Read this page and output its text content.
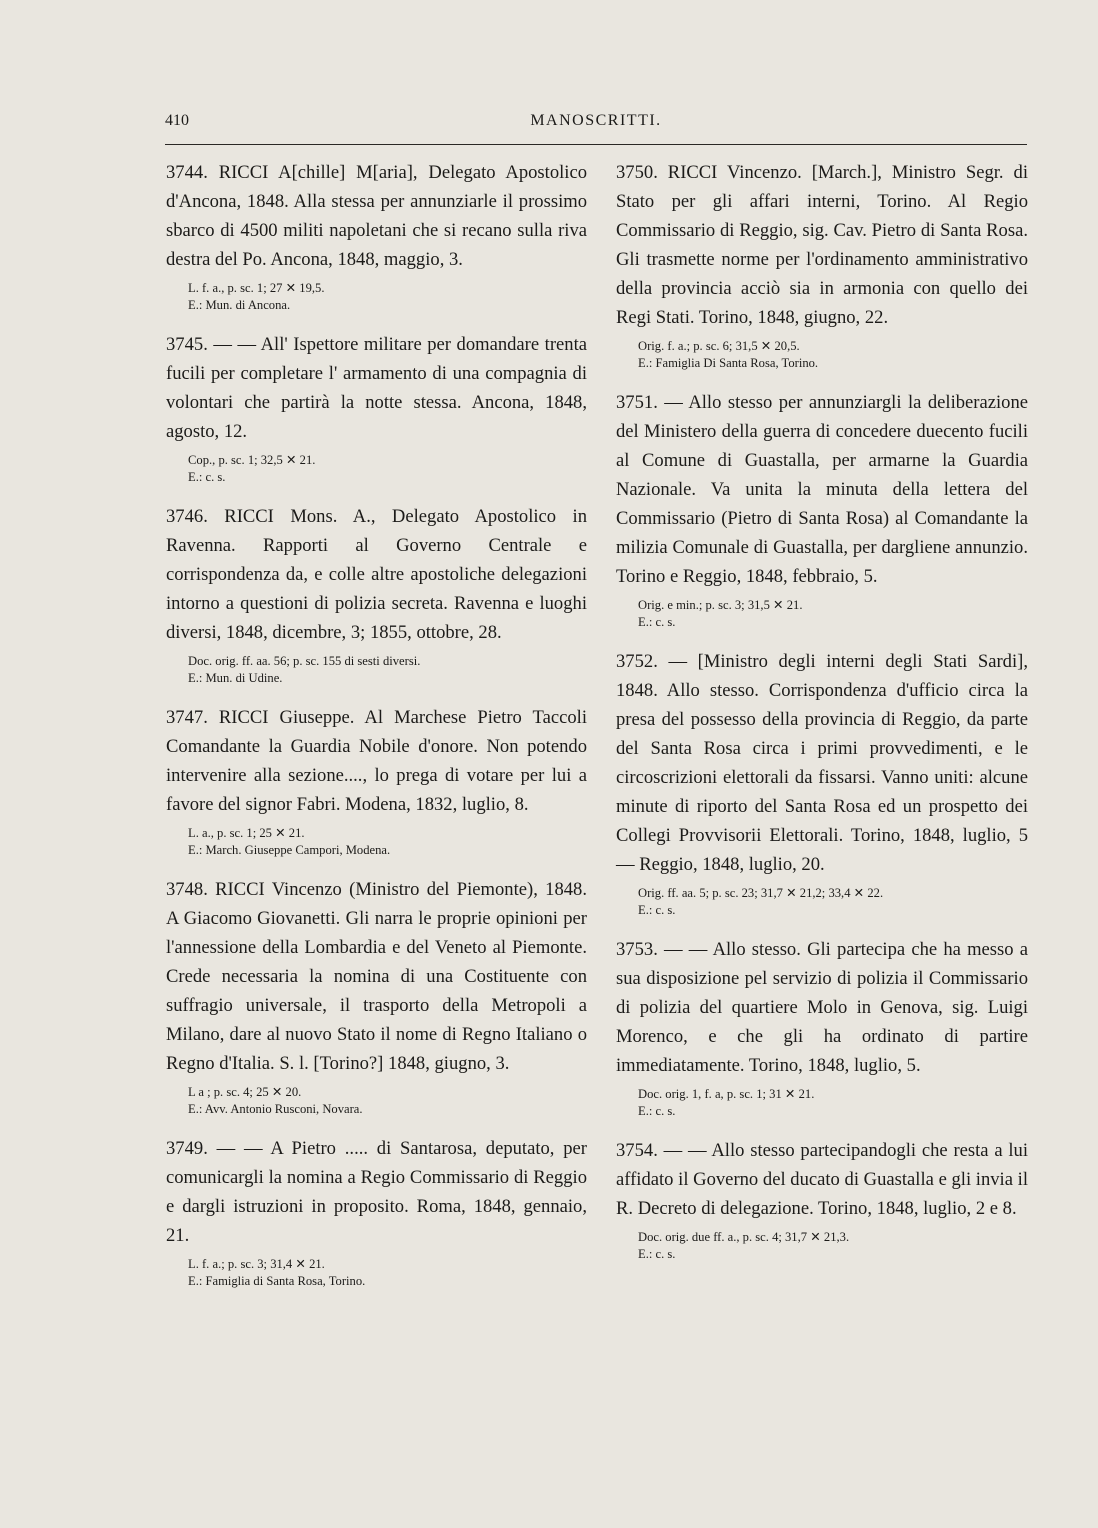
410	MANOSCRITTI.

3744. RICCI A[chille] M[aria], Delegato Apostolico d'Ancona, 1848. Alla stessa per annunziarle il prossimo sbarco di 4500 militi napoletani che si recano sulla riva destra del Po. Ancona, 1848, maggio, 3.

L. f. a., p. sc. 1; 27 ✕ 19,5.

E.: Mun. di Ancona.

3745. — — All' Ispettore militare per domandare trenta fucili per completare l' armamento di una compagnia di volontari che partirà la notte stessa. Ancona, 1848, agosto, 12.

Cop., p. sc. 1; 32,5 ✕ 21.

E.: c. s.

3746. RICCI Mons. A., Delegato Apostolico in Ravenna. Rapporti al Governo Centrale e corrispondenza da, e colle altre apostoliche delegazioni intorno a questioni di polizia secreta. Ravenna e luoghi diversi, 1848, dicembre, 3; 1855, ottobre, 28.

Doc. orig. ff. aa. 56; p. sc. 155 di sesti diversi.

E.: Mun. di Udine.

3747. RICCI Giuseppe. Al Marchese Pietro Taccoli Comandante la Guardia Nobile d'onore. Non potendo intervenire alla sezione...., lo prega di votare per lui a favore del signor Fabri. Modena, 1832, luglio, 8.

L. a., p. sc. 1; 25 ✕ 21.

E.: March. Giuseppe Campori, Modena.

3748. RICCI Vincenzo (Ministro del Piemonte), 1848. A Giacomo Giovanetti. Gli narra le proprie opinioni per l'annessione della Lombardia e del Veneto al Piemonte. Crede necessaria la nomina di una Costituente con suffragio universale, il trasporto della Metropoli a Milano, dare al nuovo Stato il nome di Regno Italiano o Regno d'Italia. S. l. [Torino?] 1848, giugno, 3.

L a ; p. sc. 4; 25 ✕ 20.

E.: Avv. Antonio Rusconi, Novara.

3749. — — A Pietro ..... di Santarosa, deputato, per comunicargli la nomina a Regio Commissario di Reggio e dargli istruzioni in proposito. Roma, 1848, gennaio, 21.

L. f. a.; p. sc. 3; 31,4 ✕ 21.

E.: Famiglia di Santa Rosa, Torino.

3750. RICCI Vincenzo. [March.], Ministro Segr. di Stato per gli affari interni, Torino. Al Regio Commissario di Reggio, sig. Cav. Pietro di Santa Rosa. Gli trasmette norme per l'ordinamento amministrativo della provincia acciò sia in armonia con quello dei Regi Stati. Torino, 1848, giugno, 22.

Orig. f. a.; p. sc. 6; 31,5 ✕ 20,5.

E.: Famiglia Di Santa Rosa, Torino.

3751. — Allo stesso per annunziargli la deliberazione del Ministero della guerra di concedere duecento fucili al Comune di Guastalla, per armarne la Guardia Nazionale. Va unita la minuta della lettera del Commissario (Pietro di Santa Rosa) al Comandante la milizia Comunale di Guastalla, per dargliene annunzio. Torino e Reggio, 1848, febbraio, 5.

Orig. e min.; p. sc. 3; 31,5 ✕ 21.

E.: c. s.

3752. — [Ministro degli interni degli Stati Sardi], 1848. Allo stesso. Corrispondenza d'ufficio circa la presa del possesso della provincia di Reggio, da parte del Santa Rosa circa i primi provvedimenti, e le circoscrizioni elettorali da fissarsi. Vanno uniti: alcune minute di riporto del Santa Rosa ed un prospetto dei Collegi Provvisorii Elettorali. Torino, 1848, luglio, 5 — Reggio, 1848, luglio, 20.

Orig. ff. aa. 5; p. sc. 23; 31,7 ✕ 21,2; 33,4 ✕ 22.

E.: c. s.

3753. — — Allo stesso. Gli partecipa che ha messo a sua disposizione pel servizio di polizia il Commissario di polizia del quartiere Molo in Genova, sig. Luigi Morenco, e che gli ha ordinato di partire immediatamente. Torino, 1848, luglio, 5.

Doc. orig. 1, f. a, p. sc. 1; 31 ✕ 21.

E.: c. s.

3754. — — Allo stesso partecipandogli che resta a lui affidato il Governo del ducato di Guastalla e gli invia il R. Decreto di delegazione. Torino, 1848, luglio, 2 e 8.

Doc. orig. due ff. a., p. sc. 4; 31,7 ✕ 21,3.

E.: c. s.
